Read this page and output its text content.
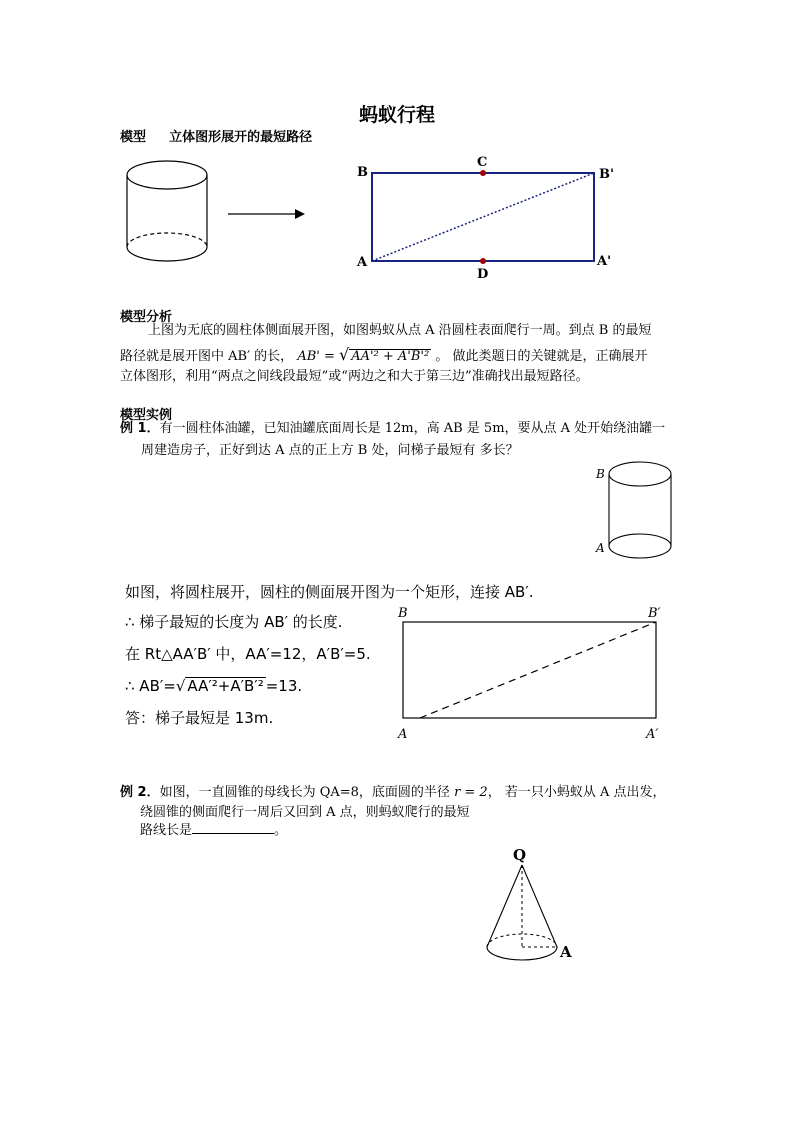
蚂蚁行程
模型 立体图形展开的最短路径
B
C
B'
A
D
A'
模型分析
上图为无底的圆柱体侧面展开图，如图蚂蚁从点 A 沿圆柱表面爬行一周。到点 B 的最短
路径就是展开图中 AB′ 的长， AB' = √ AA'² + A'B'² 。 做此类题日的关键就是，正确展开
立体图形，利用“两点之间线段最短”或“两边之和大于第三边”准确找出最短路径。
模型实例
例 1．有一圆柱体油罐，已知油罐底面周长是 12m，高 AB 是 5m，要从点 A 处开始绕油罐一
周建造房子，正好到达 A 点的正上方 B 处，问梯子最短有 多长？
B
A
如图，将圆柱展开，圆柱的侧面展开图为一个矩形，连接 AB′.
∴ 梯子最短的长度为 AB′ 的长度.
在 Rt△AA′B′ 中，AA′=12，A′B′=5.
∴ AB′=√ AA′²+A′B′² =13.
答：梯子最短是 13m.
B	B′
A	A′
例 2．如图，一直圆锥的母线长为 QA=8，底面圆的半径 r = 2， 若一只小蚂蚁从 A 点出发，
绕圆锥的侧面爬行一周后又回到 A 点，则蚂蚁爬行的最短
路线长是	。
Q
A
